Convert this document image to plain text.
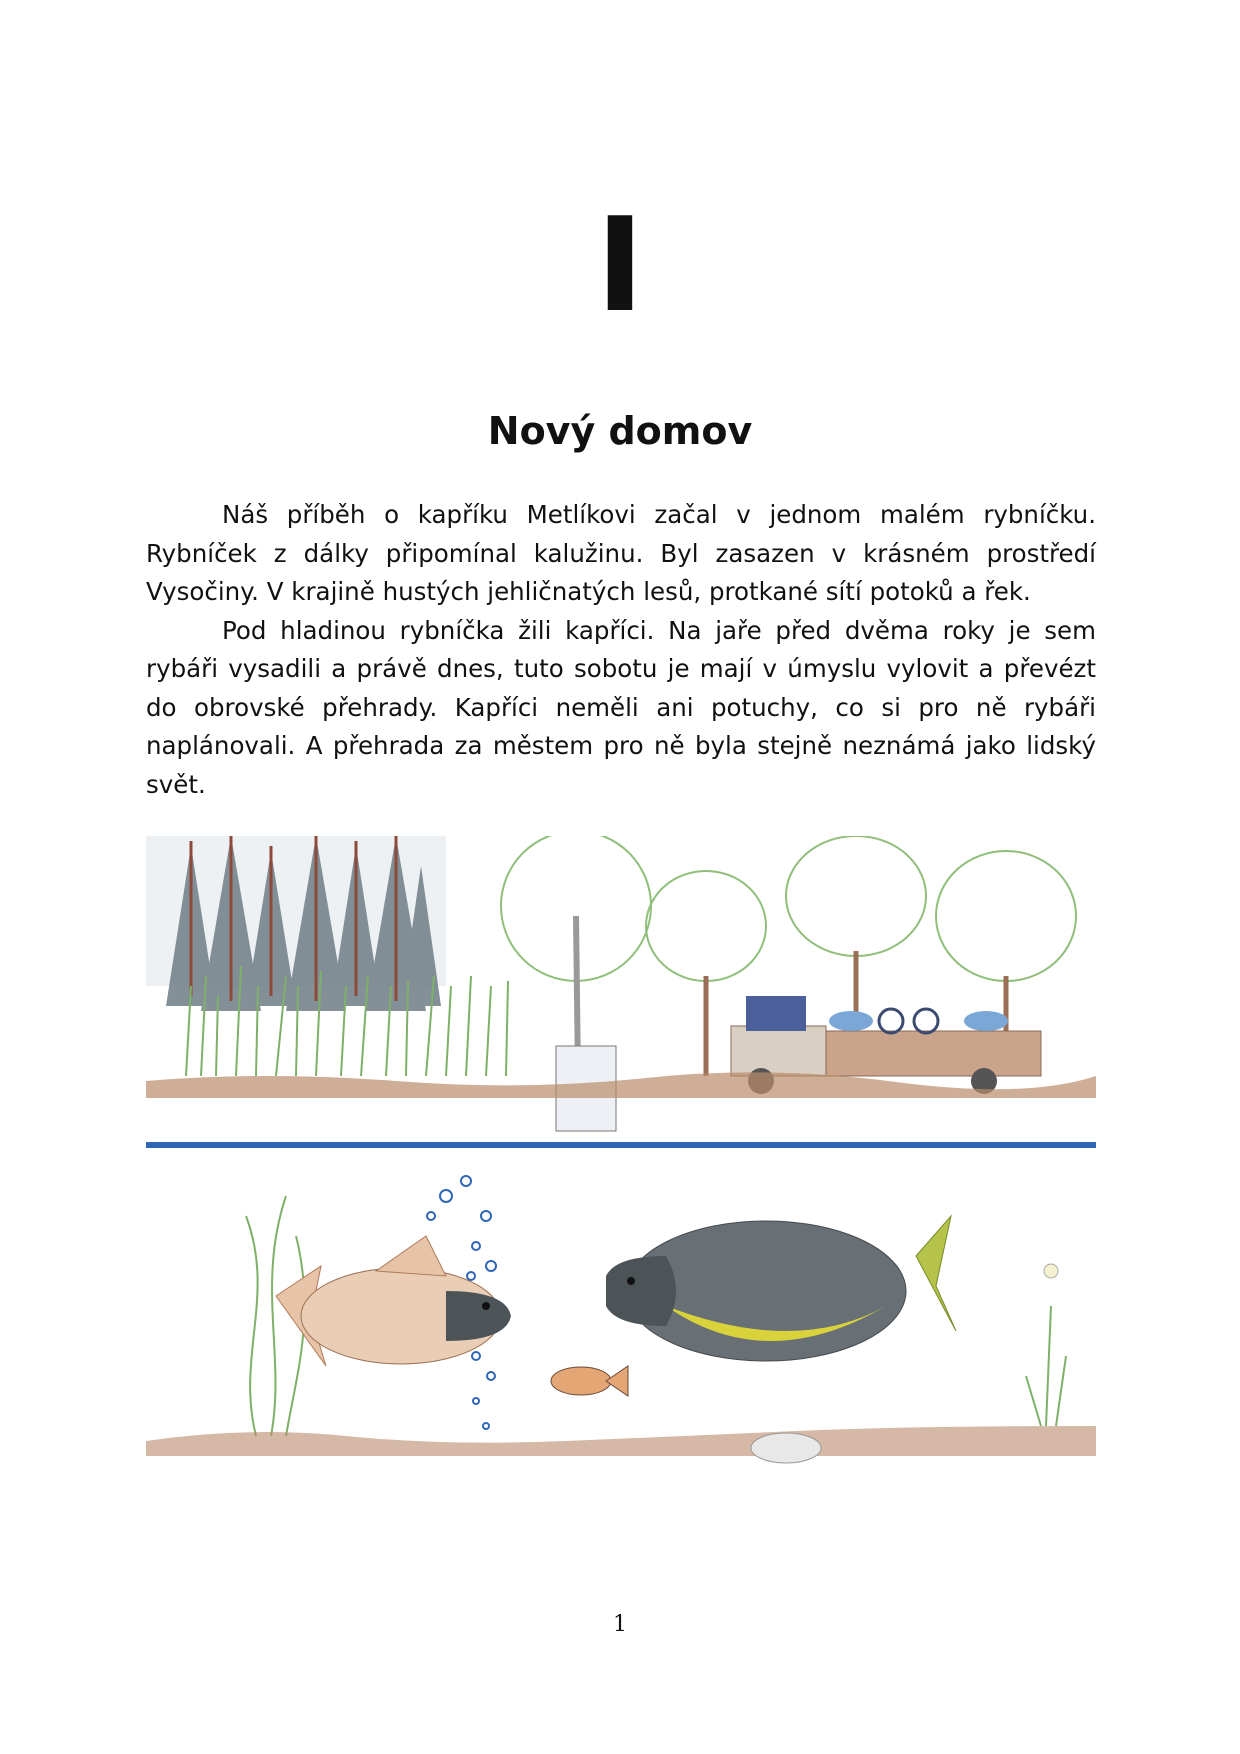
I
Nový domov

Náš příběh o kapříku Metlíkovi začal v jednom malém rybníčku. Rybníček z dálky připomínal kalužinu. Byl zasazen v krásném prostředí Vysočiny. V krajině hustých jehličnatých lesů, protkané sítí potoků a řek.

Pod hladinou rybníčka žili kapříci. Na jaře před dvěma roky je sem rybáři vysadili a právě dnes, tuto sobotu je mají v úmyslu vylovit a převézt do obrovské přehrady. Kapříci neměli ani potuchy, co si pro ně rybáři naplánovali. A přehrada za městem pro ně byla stejně neznámá jako lidský svět.

1
